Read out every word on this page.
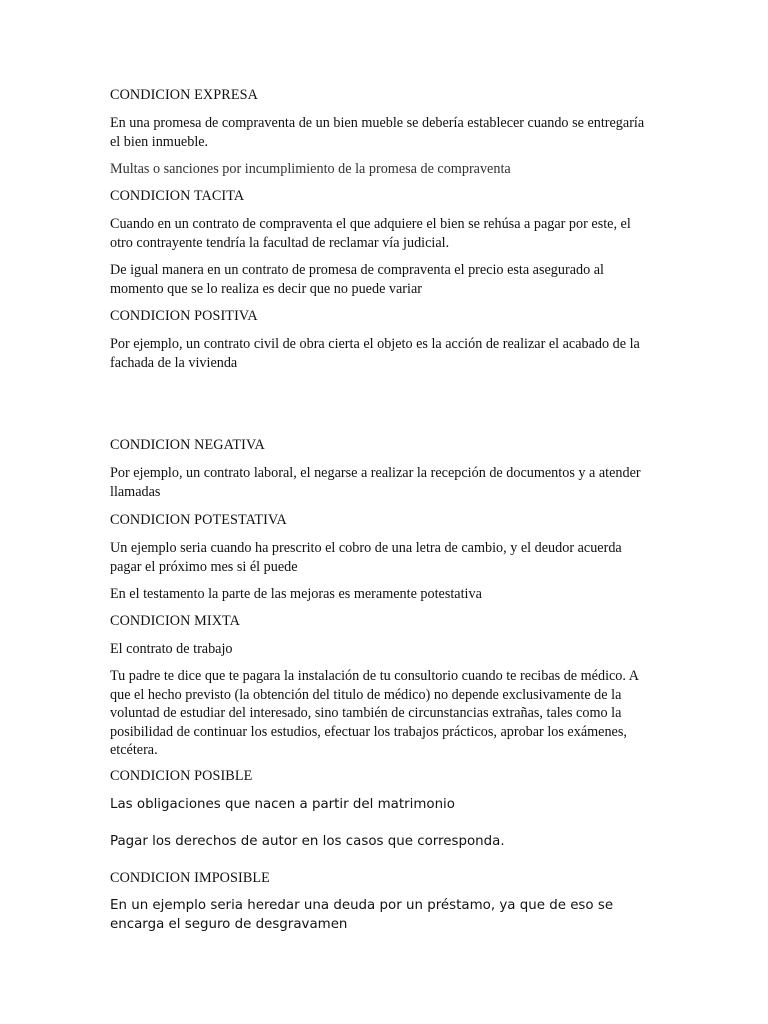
CONDICION EXPRESA

En una promesa de compraventa de un bien mueble se debería establecer cuando se entregaría el bien inmueble.

Multas o sanciones por incumplimiento de la promesa de compraventa

CONDICION TACITA

Cuando en un contrato de compraventa el que adquiere el bien se rehúsa a pagar por este, el otro contrayente tendría la facultad de reclamar vía judicial.

De igual manera en un contrato de promesa de compraventa el precio esta asegurado al momento que se lo realiza es decir que no puede variar

CONDICION POSITIVA

Por ejemplo, un contrato civil de obra cierta el objeto es la acción de realizar el acabado de la fachada de la vivienda

CONDICION NEGATIVA

Por ejemplo, un contrato laboral, el negarse a realizar la recepción de documentos y a atender llamadas

CONDICION POTESTATIVA

Un ejemplo seria cuando ha prescrito el cobro de una letra de cambio, y el deudor acuerda pagar el próximo mes si él puede

En el testamento la parte de las mejoras es meramente potestativa

CONDICION MIXTA

El contrato de trabajo

Tu padre te dice que te pagara la instalación de tu consultorio cuando te recibas de médico. A que el hecho previsto (la obtención del titulo de médico) no depende exclusivamente de la voluntad de estudiar del interesado, sino también de circunstancias extrañas, tales como la posibilidad de continuar los estudios, efectuar los trabajos prácticos, aprobar los exámenes, etcétera.

CONDICION POSIBLE

Las obligaciones que nacen a partir del matrimonio

Pagar los derechos de autor en los casos que corresponda.

CONDICION IMPOSIBLE

En un ejemplo seria heredar una deuda por un préstamo, ya que de eso se encarga el seguro de desgravamen
